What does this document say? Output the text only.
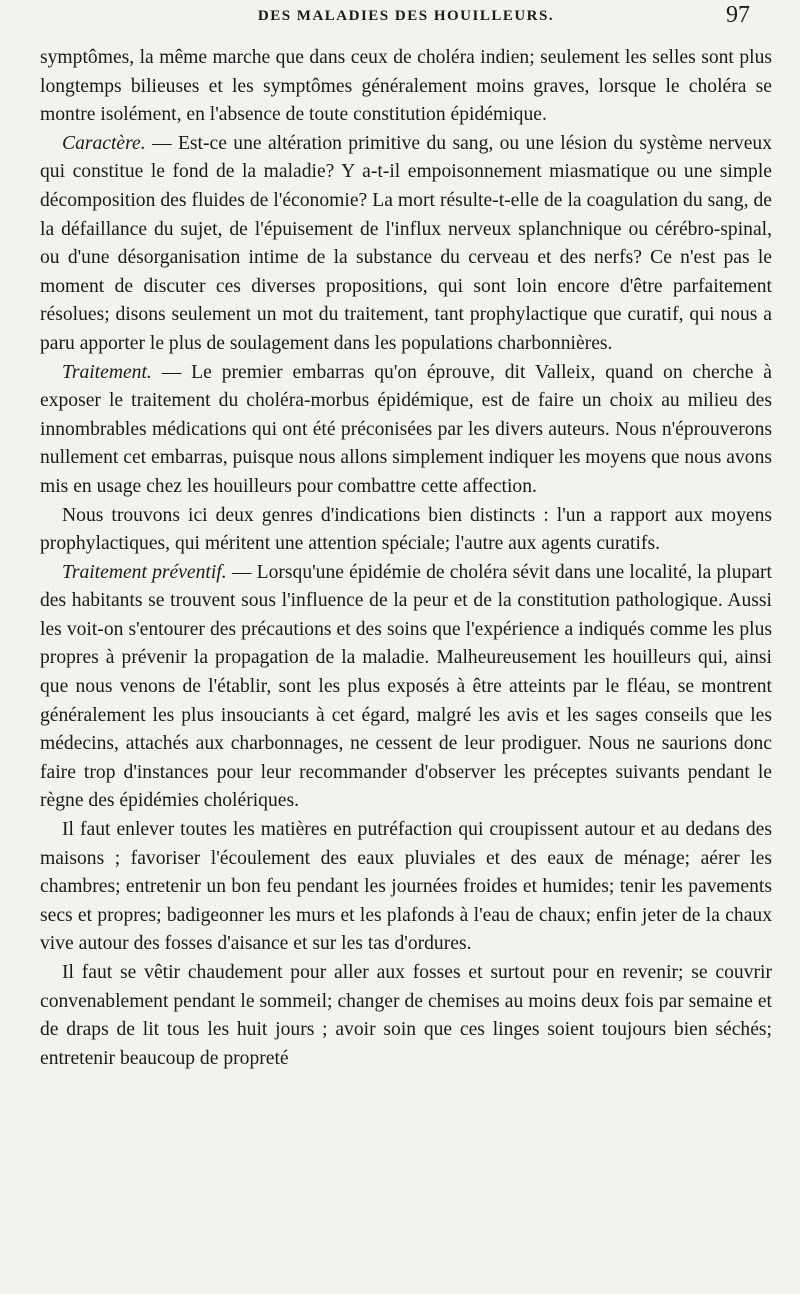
DES MALADIES DES HOUILLEURS.	97

symptômes, la même marche que dans ceux de choléra indien; seulement les selles sont plus longtemps bilieuses et les symptômes généralement moins graves, lorsque le choléra se montre isolément, en l'absence de toute constitution épidémique.

Caractère. — Est-ce une altération primitive du sang, ou une lésion du système nerveux qui constitue le fond de la maladie? Y a-t-il empoisonnement miasmatique ou une simple décomposition des fluides de l'économie? La mort résulte-t-elle de la coagulation du sang, de la défaillance du sujet, de l'épuisement de l'influx nerveux splanchnique ou cérébro-spinal, ou d'une désorganisation intime de la substance du cerveau et des nerfs? Ce n'est pas le moment de discuter ces diverses propositions, qui sont loin encore d'être parfaitement résolues; disons seulement un mot du traitement, tant prophylactique que curatif, qui nous a paru apporter le plus de soulagement dans les populations charbonnières.

Traitement. — Le premier embarras qu'on éprouve, dit Valleix, quand on cherche à exposer le traitement du choléra-morbus épidémique, est de faire un choix au milieu des innombrables médications qui ont été préconisées par les divers auteurs. Nous n'éprouverons nullement cet embarras, puisque nous allons simplement indiquer les moyens que nous avons mis en usage chez les houilleurs pour combattre cette affection.

Nous trouvons ici deux genres d'indications bien distincts : l'un a rapport aux moyens prophylactiques, qui méritent une attention spéciale; l'autre aux agents curatifs.

Traitement préventif. — Lorsqu'une épidémie de choléra sévit dans une localité, la plupart des habitants se trouvent sous l'influence de la peur et de la constitution pathologique. Aussi les voit-on s'entourer des précautions et des soins que l'expérience a indiqués comme les plus propres à prévenir la propagation de la maladie. Malheureusement les houilleurs qui, ainsi que nous venons de l'établir, sont les plus exposés à être atteints par le fléau, se montrent généralement les plus insouciants à cet égard, malgré les avis et les sages conseils que les médecins, attachés aux charbonnages, ne cessent de leur prodiguer. Nous ne saurions donc faire trop d'instances pour leur recommander d'observer les préceptes suivants pendant le règne des épidémies cholériques.

Il faut enlever toutes les matières en putréfaction qui croupissent autour et au dedans des maisons ; favoriser l'écoulement des eaux pluviales et des eaux de ménage; aérer les chambres; entretenir un bon feu pendant les journées froides et humides; tenir les pavements secs et propres; badigeonner les murs et les plafonds à l'eau de chaux; enfin jeter de la chaux vive autour des fosses d'aisance et sur les tas d'ordures.

Il faut se vêtir chaudement pour aller aux fosses et surtout pour en revenir; se couvrir convenablement pendant le sommeil; changer de chemises au moins deux fois par semaine et de draps de lit tous les huit jours ; avoir soin que ces linges soient toujours bien séchés; entretenir beaucoup de propreté
